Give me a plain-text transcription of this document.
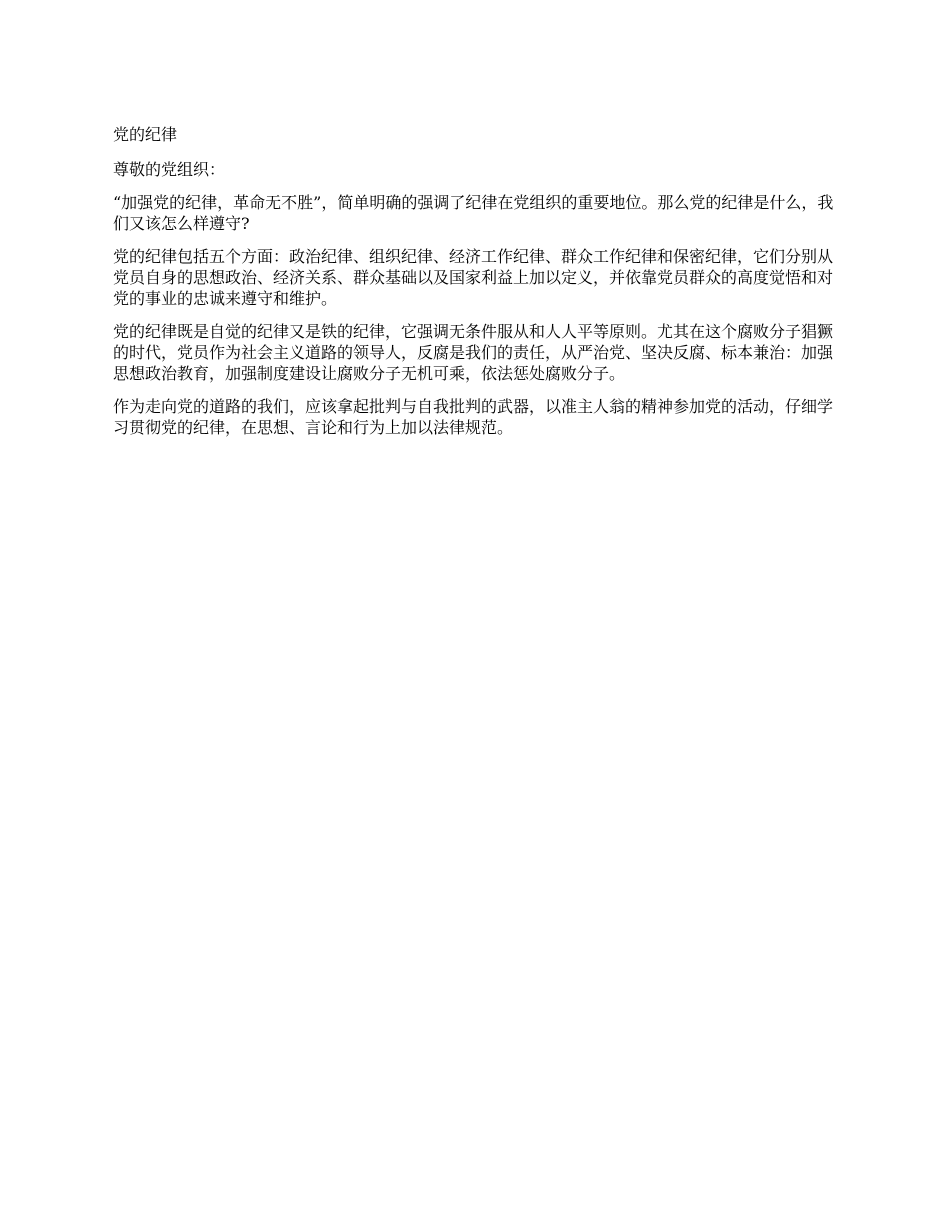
党的纪律

尊敬的党组织：

“加强党的纪律，革命无不胜”，简单明确的强调了纪律在党组织的重要地位。那么党的纪律是什么，我们又该怎么样遵守?

党的纪律包括五个方面：政治纪律、组织纪律、经济工作纪律、群众工作纪律和保密纪律，它们分别从党员自身的思想政治、经济关系、群众基础以及国家利益上加以定义，并依靠党员群众的高度觉悟和对党的事业的忠诚来遵守和维护。

党的纪律既是自觉的纪律又是铁的纪律，它强调无条件服从和人人平等原则。尤其在这个腐败分子猖獗的时代，党员作为社会主义道路的领导人，反腐是我们的责任，从严治党、坚决反腐、标本兼治：加强思想政治教育，加强制度建设让腐败分子无机可乘，依法惩处腐败分子。

作为走向党的道路的我们，应该拿起批判与自我批判的武器，以准主人翁的精神参加党的活动，仔细学习贯彻党的纪律，在思想、言论和行为上加以法律规范。
